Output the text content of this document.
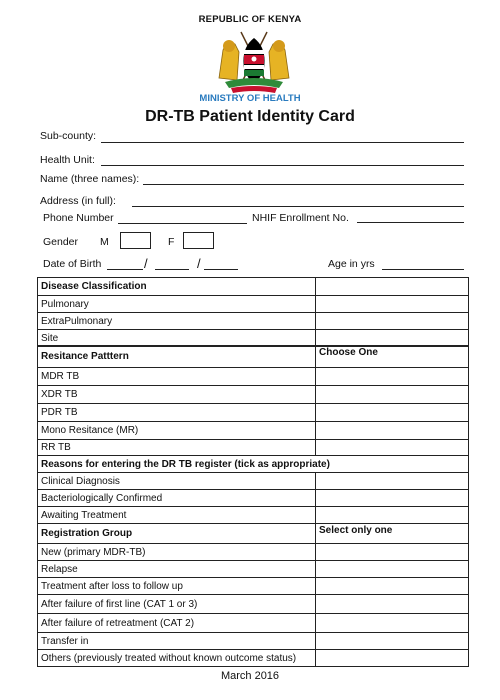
REPUBLIC OF KENYA
MINISTRY OF HEALTH
DR-TB Patient Identity Card
Sub-county:
Health Unit:
Name (three names):
Address (in full):
Phone Number	NHIF Enrollment No.
Gender M	F
Date of Birth	/	/	Age in yrs
Disease Classification	
Pulmonary	
ExtraPulmonary	
Site	
Resitance Patttern	Choose One
MDR TB	
XDR TB	
PDR TB	
Mono Resitance (MR)	
RR TB	
Reasons for entering the DR TB register (tick as appropriate)	
Clinical Diagnosis	
Bacteriologically Confirmed	
Awaiting Treatment	
Registration Group	Select only one
New (primary MDR-TB)	
Relapse	
Treatment after loss to follow up	
After failure of first line (CAT 1 or 3)	
After failure of retreatment (CAT 2)	
Transfer in	
Others (previously treated without known outcome status)	
March 2016
